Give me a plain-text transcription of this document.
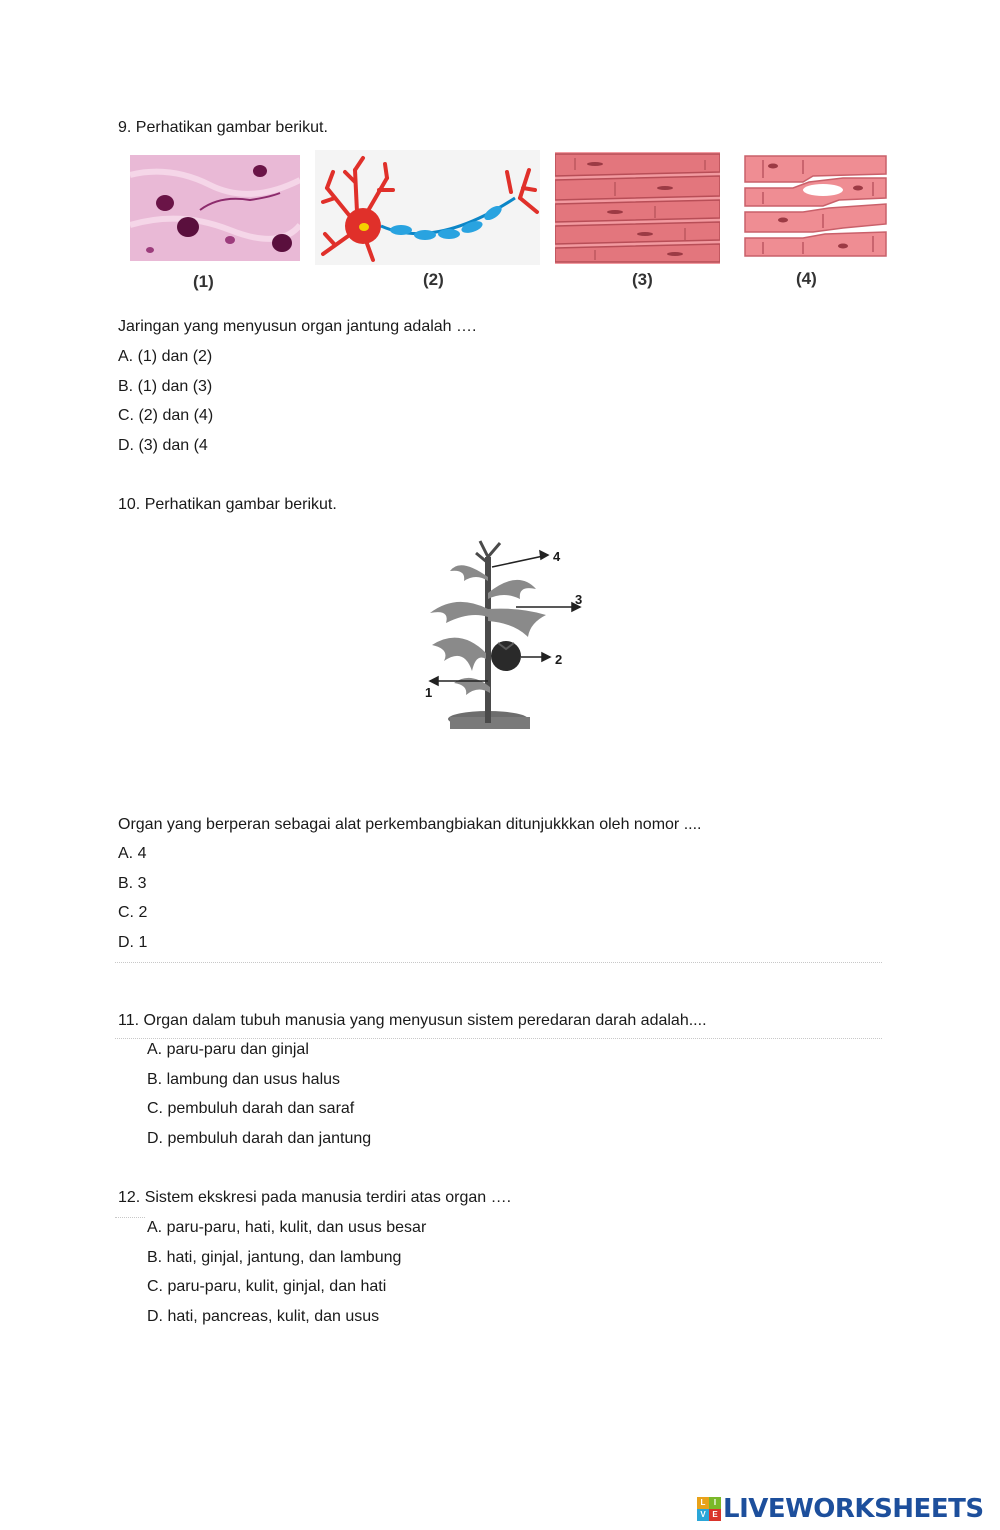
9. Perhatikan gambar berikut.
(1)	(2)	(3)	(4)
Jaringan yang menyusun organ jantung adalah ….
A. (1) dan (2)
B. (1) dan (3)
C. (2) dan (4)
D. (3) dan (4
10. Perhatikan gambar berikut.
4
3
2
1
Organ yang berperan sebagai alat perkembangbiakan ditunjukkkan oleh nomor ....
A. 4
B. 3
C. 2
D. 1
11. Organ dalam tubuh manusia yang menyusun sistem peredaran darah adalah....
A. paru-paru dan ginjal
B. lambung dan usus halus
C. pembuluh darah dan saraf
D. pembuluh darah dan jantung
12. Sistem ekskresi pada manusia terdiri atas organ ….
A. paru-paru, hati, kulit, dan usus besar
B. hati, ginjal, jantung, dan lambung
C. paru-paru, kulit, ginjal, dan hati
D. hati, pancreas, kulit, dan usus
L	I
V E LIVEWORKSHEETS
